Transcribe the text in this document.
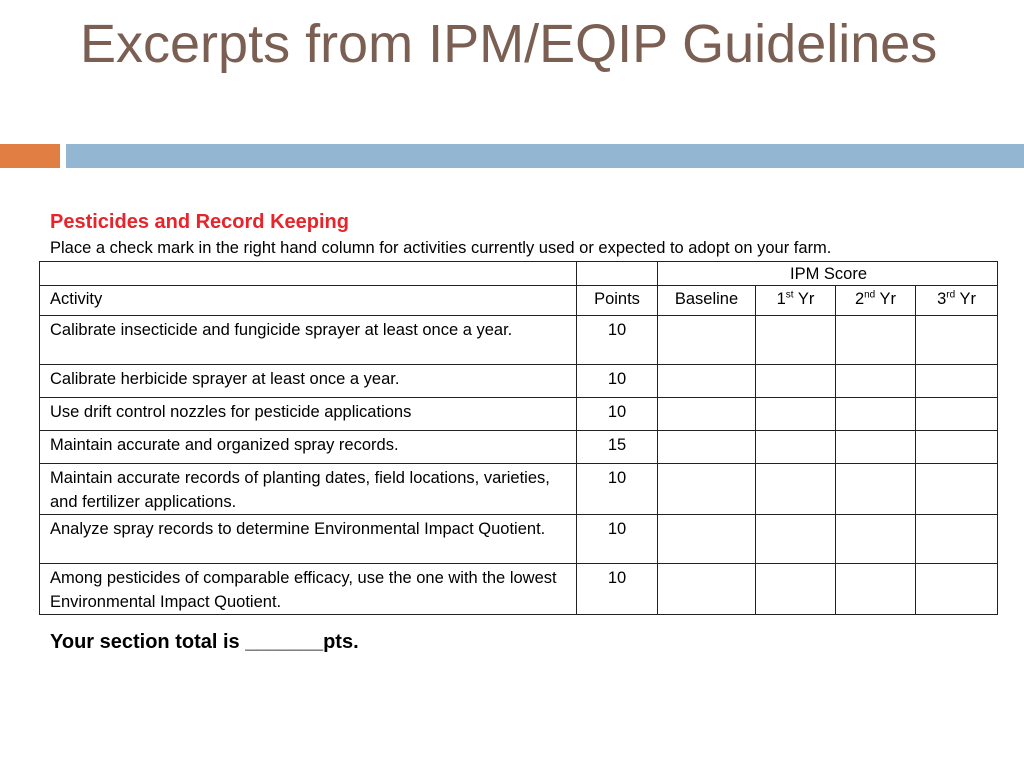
Excerpts from IPM/EQIP Guidelines
Pesticides and Record Keeping

Place a check mark in the right hand column for activities currently used or expected to adopt on your farm.

		IPM Score			
Activity	Points	Baseline	1st Yr	2nd Yr	3rd Yr
Calibrate insecticide and fungicide sprayer at least once a year.	10				
Calibrate herbicide sprayer at least once a year.	10				
Use drift control nozzles for pesticide applications	10				
Maintain accurate and organized spray records.	15				
Maintain accurate records of planting dates, field locations, varieties, and fertilizer applications.	10				
Analyze spray records to determine Environmental Impact Quotient.	10				
Among pesticides of comparable efficacy, use the one with the lowest Environmental Impact Quotient.	10				

Your section total is _______pts.
